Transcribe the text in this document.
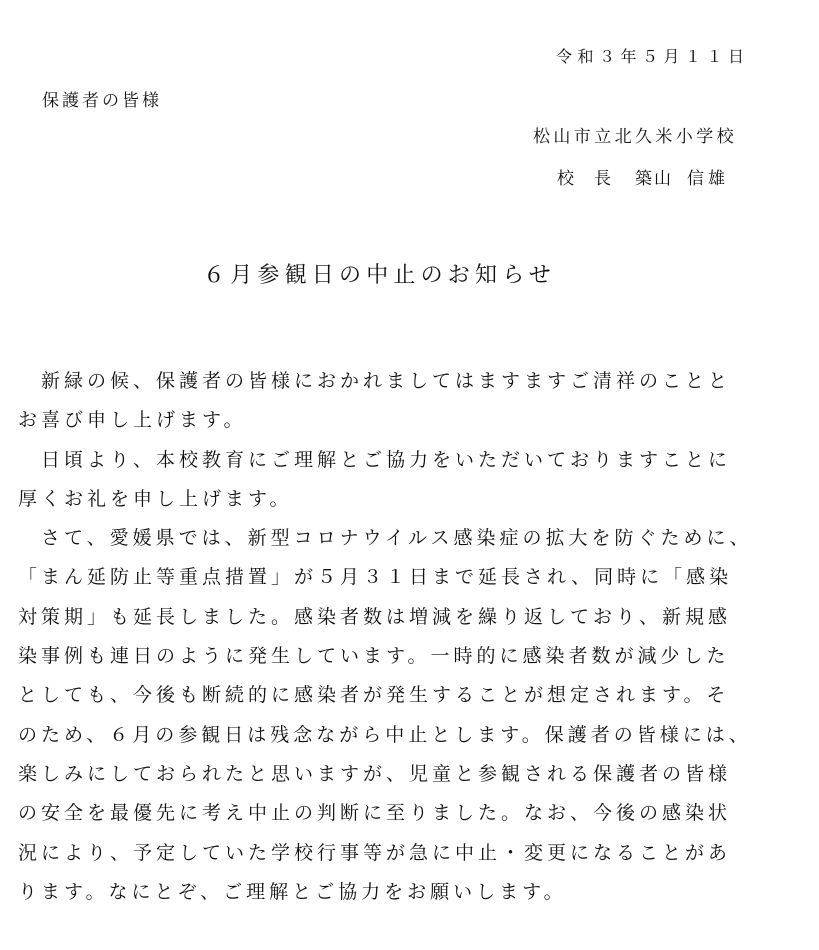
令和３年５月１１日
保護者の皆様
松山市立北久米小学校
校長 築山 信雄
６月参観日の中止のお知らせ
　新緑の候、保護者の皆様におかれましてはますますご清祥のことと
お喜び申し上げます。
　日頃より、本校教育にご理解とご協力をいただいておりますことに
厚くお礼を申し上げます。
　さて、愛媛県では、新型コロナウイルス感染症の拡大を防ぐために、
「まん延防止等重点措置」が５月３１日まで延長され、同時に「感染
対策期」も延長しました。感染者数は増減を繰り返しており、新規感
染事例も連日のように発生しています。一時的に感染者数が減少した
としても、今後も断続的に感染者が発生することが想定されます。そ
のため、６月の参観日は残念ながら中止とします。保護者の皆様には、
楽しみにしておられたと思いますが、児童と参観される保護者の皆様
の安全を最優先に考え中止の判断に至りました。なお、今後の感染状
況により、予定していた学校行事等が急に中止・変更になることがあ
ります。なにとぞ、ご理解とご協力をお願いします。
